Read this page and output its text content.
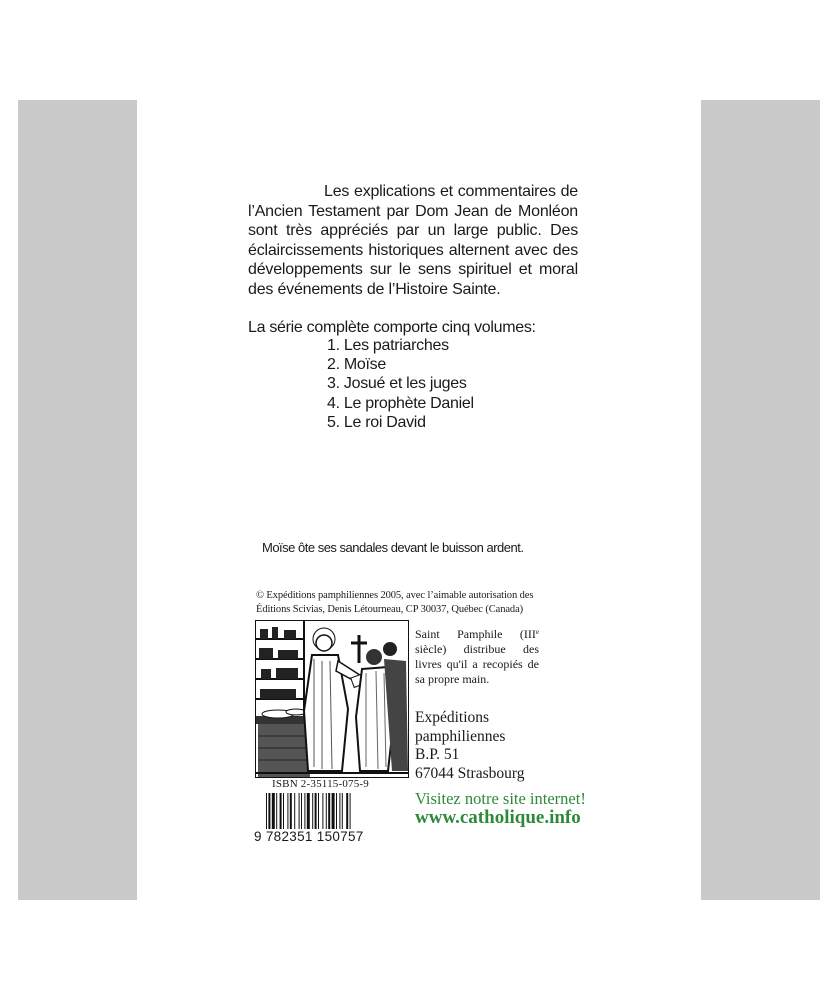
Les explications et commentaires de l’Ancien Testament par Dom Jean de Monléon sont très appréciés par un large public. Des éclaircissements historiques alternent avec des développements sur le sens spirituel et moral des événements de l’Histoire Sainte.
La série complète comporte cinq volumes:
1. Les patriarches
2. Moïse
3. Josué et les juges
4. Le prophète Daniel
5. Le roi David
Moïse ôte ses sandales devant le buisson ardent.
© Expéditions pamphiliennes 2005, avec l’aimable autorisation des Éditions Scivias, Denis Létourneau, CP 30037, Québec (Canada)
Saint Pamphile (IIIe siècle) distribue des livres qu'il a recopiés de sa propre main.
Expéditions
pamphiliennes
B.P. 51
67044 Strasbourg
Visitez notre site internet!
www.catholique.info
ISBN 2-35115-075-9
9 782351 150757
